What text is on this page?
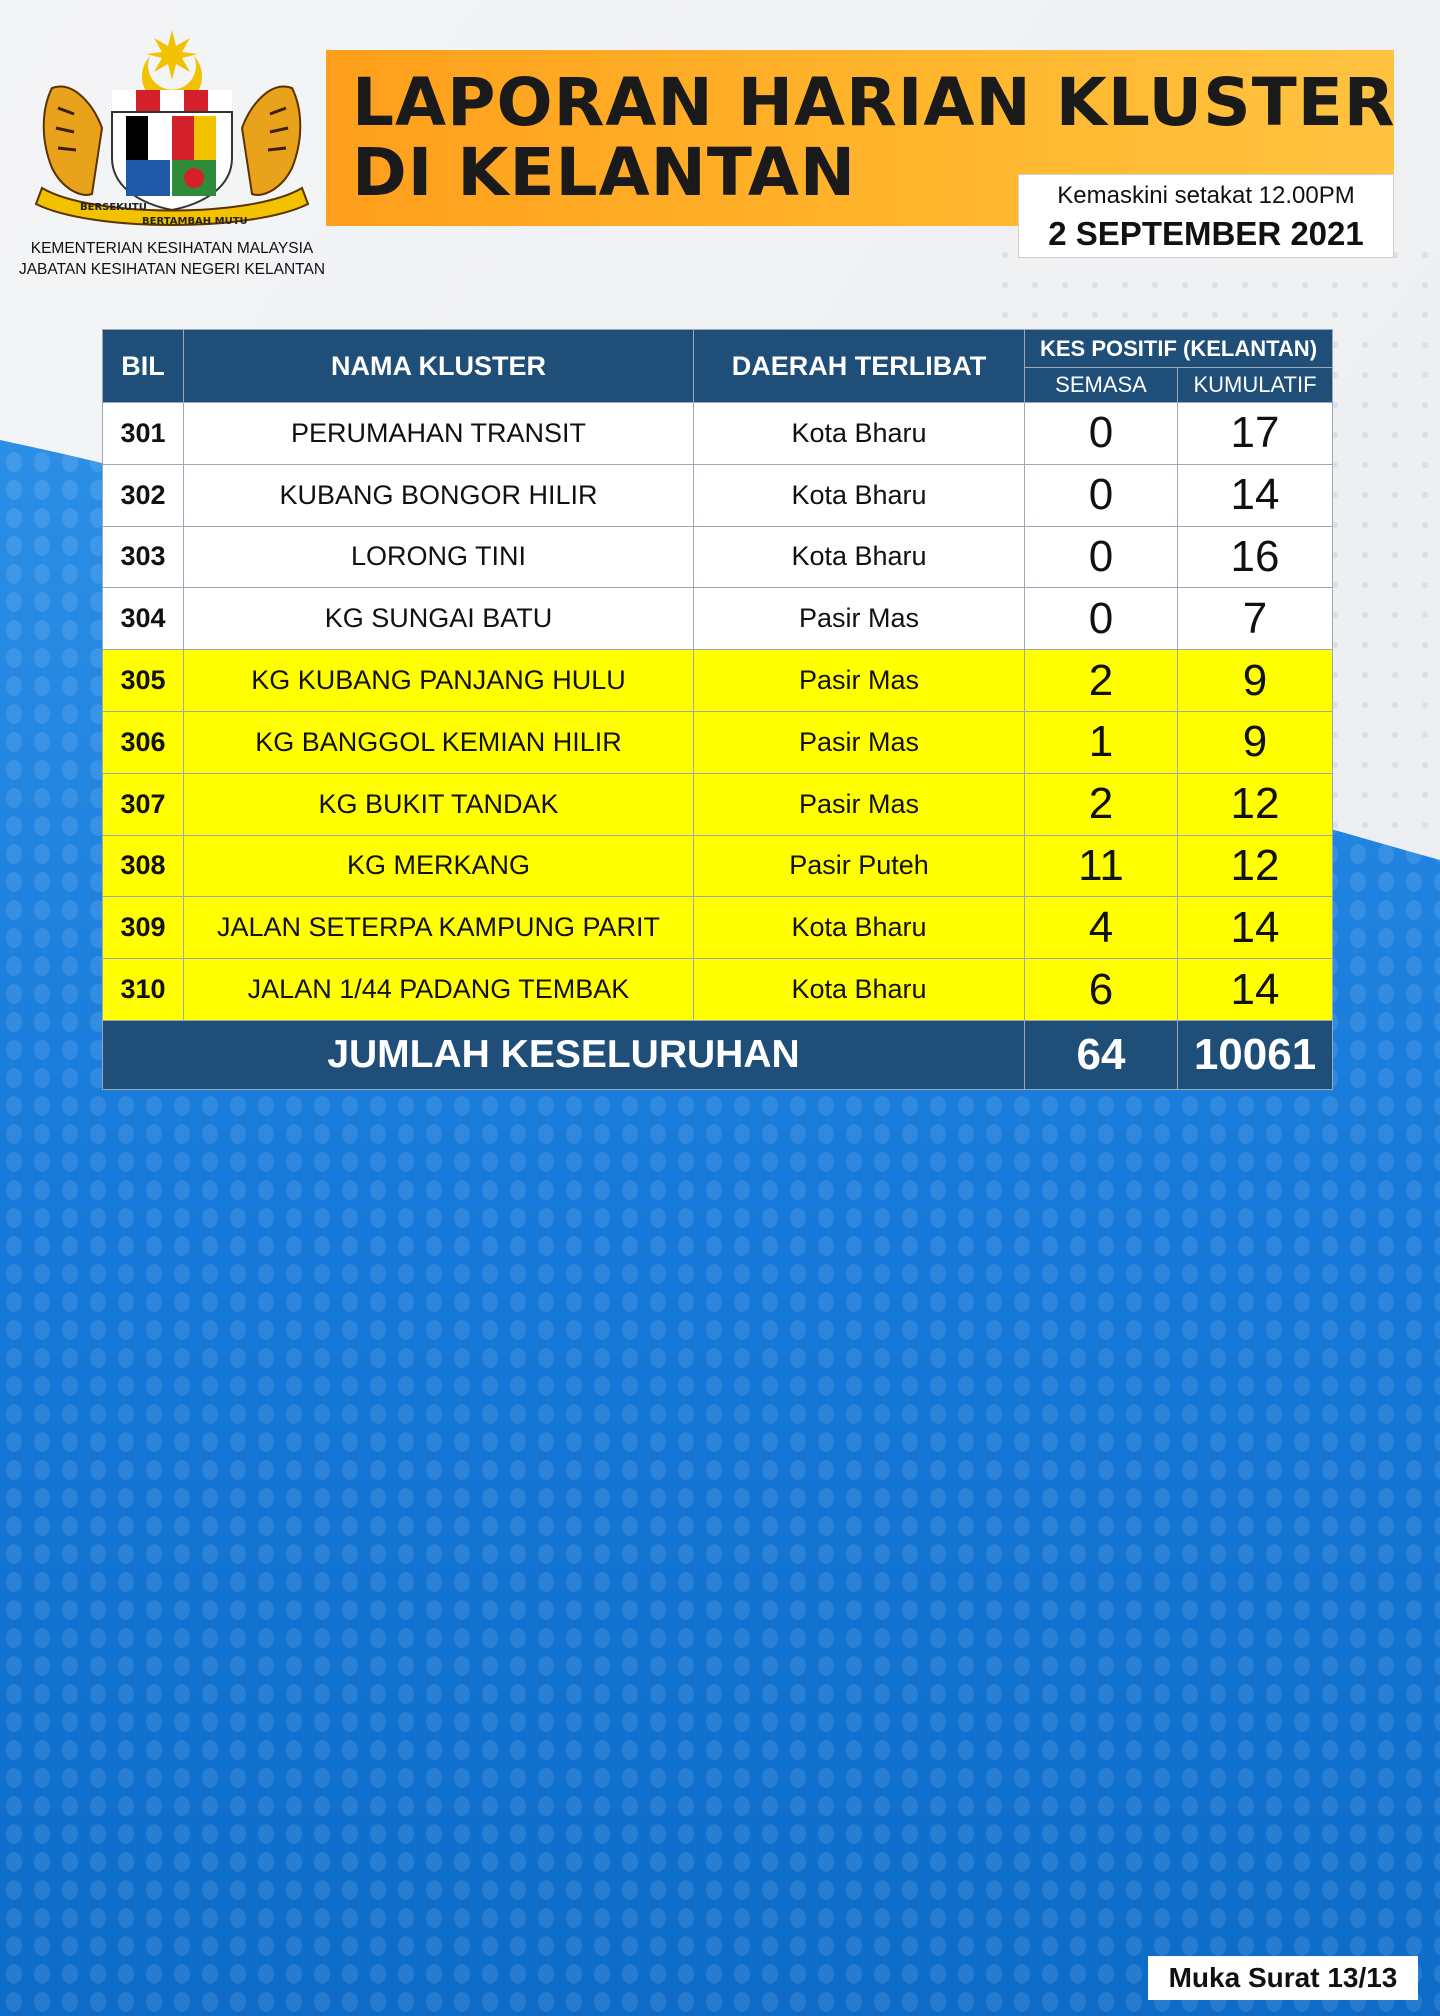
BERSEKUTU
BERTAMBAH MUTU
KEMENTERIAN KESIHATAN MALAYSIA
JABATAN KESIHATAN NEGERI KELANTAN
LAPORAN HARIAN KLUSTER
DI KELANTAN	Kemaskini setakat 12.00PM
2 SEPTEMBER 2021
BIL	NAMA KLUSTER	DAERAH TERLIBAT	KES POSITIF (KELANTAN)	
			SEMASA	KUMULATIF
301	PERUMAHAN TRANSIT	Kota Bharu	0	17
302	KUBANG BONGOR HILIR	Kota Bharu	0	14
303	LORONG TINI	Kota Bharu	0	16
304	KG SUNGAI BATU	Pasir Mas	0	7
305	KG KUBANG PANJANG HULU	Pasir Mas	2	9
306	KG BANGGOL KEMIAN HILIR	Pasir Mas	1	9
307	KG BUKIT TANDAK	Pasir Mas	2	12
308	KG MERKANG	Pasir Puteh	11	12
309	JALAN SETERPA KAMPUNG PARIT	Kota Bharu	4	14
310	JALAN 1/44 PADANG TEMBAK	Kota Bharu	6	14
JUMLAH KESELURUHAN			64	10061
Muka Surat 13/13
